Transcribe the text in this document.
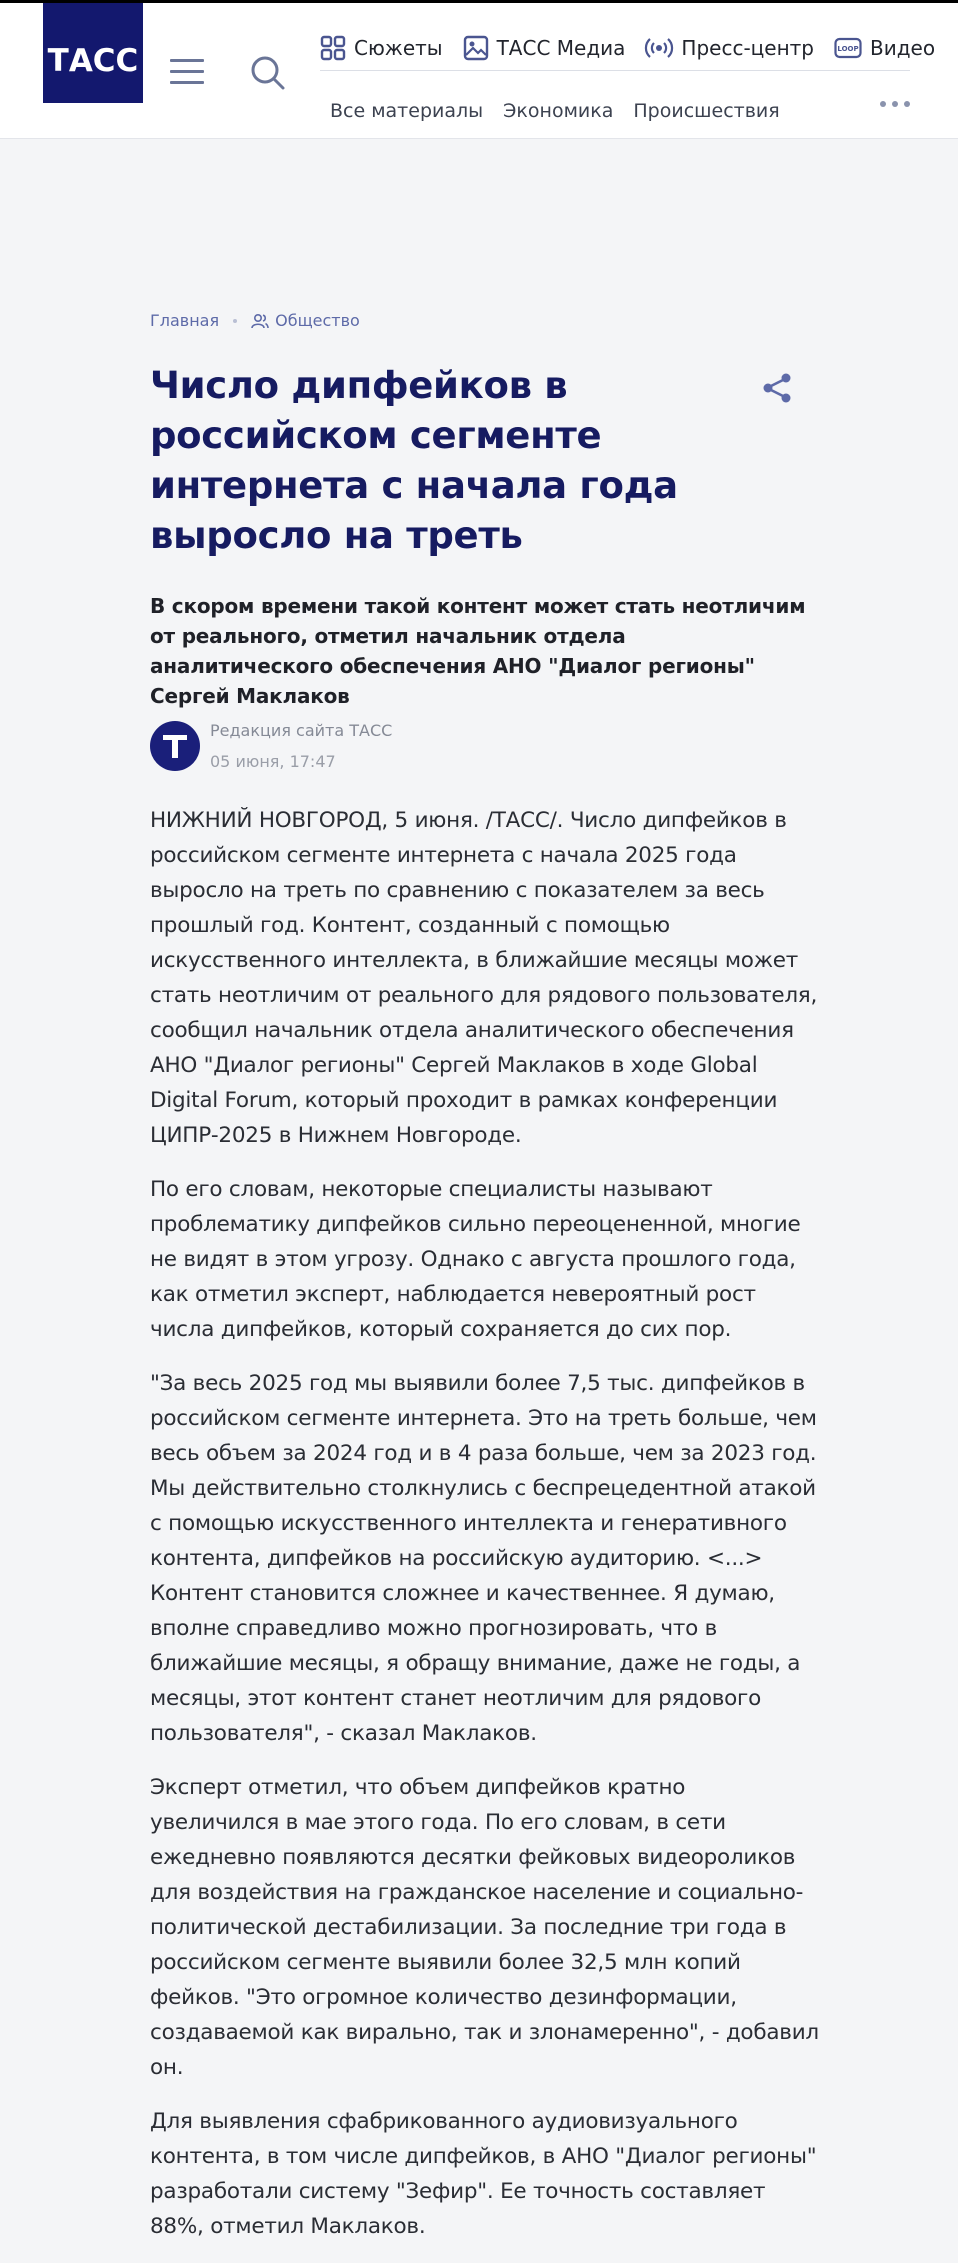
ТАСС	Сюжеты	ТАСС Медиа	Пресс-центр	LOOP Видео
Все материалы Экономика Происшествия
Главная	Общество
Число дипфейков в российском сегменте интернета с начала года выросло на треть

В скором времени такой контент может стать неотличим от реального, отметил начальник отдела аналитического обеспечения АНО "Диалог регионы" Сергей Маклаков

Редакция сайта ТАСС
05 июня, 17:47

НИЖНИЙ НОВГОРОД, 5 июня. /ТАСС/. Число дипфейков в российском сегменте интернета с начала 2025 года выросло на треть по сравнению с показателем за весь прошлый год. Контент, созданный с помощью искусственного интеллекта, в ближайшие месяцы может стать неотличим от реального для рядового пользователя, сообщил начальник отдела аналитического обеспечения АНО "Диалог регионы" Сергей Маклаков в ходе Global Digital Forum, который проходит в рамках конференции ЦИПР-2025 в Нижнем Новгороде.

По его словам, некоторые специалисты называют проблематику дипфейков сильно переоцененной, многие не видят в этом угрозу. Однако с августа прошлого года, как отметил эксперт, наблюдается невероятный рост числа дипфейков, который сохраняется до сих пор.

"За весь 2025 год мы выявили более 7,5 тыс. дипфейков в российском сегменте интернета. Это на треть больше, чем весь объем за 2024 год и в 4 раза больше, чем за 2023 год. Мы действительно столкнулись с беспрецедентной атакой с помощью искусственного интеллекта и генеративного контента, дипфейков на российскую аудиторию. <...> Контент становится сложнее и качественнее. Я думаю, вполне справедливо можно прогнозировать, что в ближайшие месяцы, я обращу внимание, даже не годы, а месяцы, этот контент станет неотличим для рядового пользователя", - сказал Маклаков.

Эксперт отметил, что объем дипфейков кратно увеличился в мае этого года. По его словам, в сети ежедневно появляются десятки фейковых видеороликов для воздействия на гражданское население и социально-политической дестабилизации. За последние три года в российском сегменте выявили более 32,5 млн копий фейков. "Это огромное количество дезинформации, создаваемой как вирально, так и злонамеренно", - добавил он.

Для выявления сфабрикованного аудиовизуального контента, в том числе дипфейков, в АНО "Диалог регионы" разработали систему "Зефир". Ее точность составляет 88%, отметил Маклаков.
